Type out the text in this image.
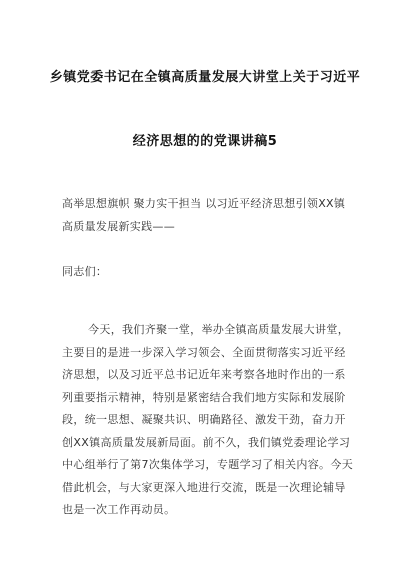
乡镇党委书记在全镇高质量发展大讲堂上关于习近平
经济思想的的党课讲稿5
高举思想旗帜 聚力实干担当 以习近平经济思想引领XX镇
高质量发展新实践——
同志们：
今天，我们齐聚一堂，举办全镇高质量发展大讲堂，
主要目的是进一步深入学习领会、全面贯彻落实习近平经
济思想，以及习近平总书记近年来考察各地时作出的一系
列重要指示精神，特别是紧密结合我们地方实际和发展阶
段，统一思想、凝聚共识、明确路径、激发干劲，奋力开
创XX镇高质量发展新局面。前不久，我们镇党委理论学习
中心组举行了第7次集体学习，专题学习了相关内容。今天
借此机会，与大家更深入地进行交流，既是一次理论辅导
也是一次工作再动员。
